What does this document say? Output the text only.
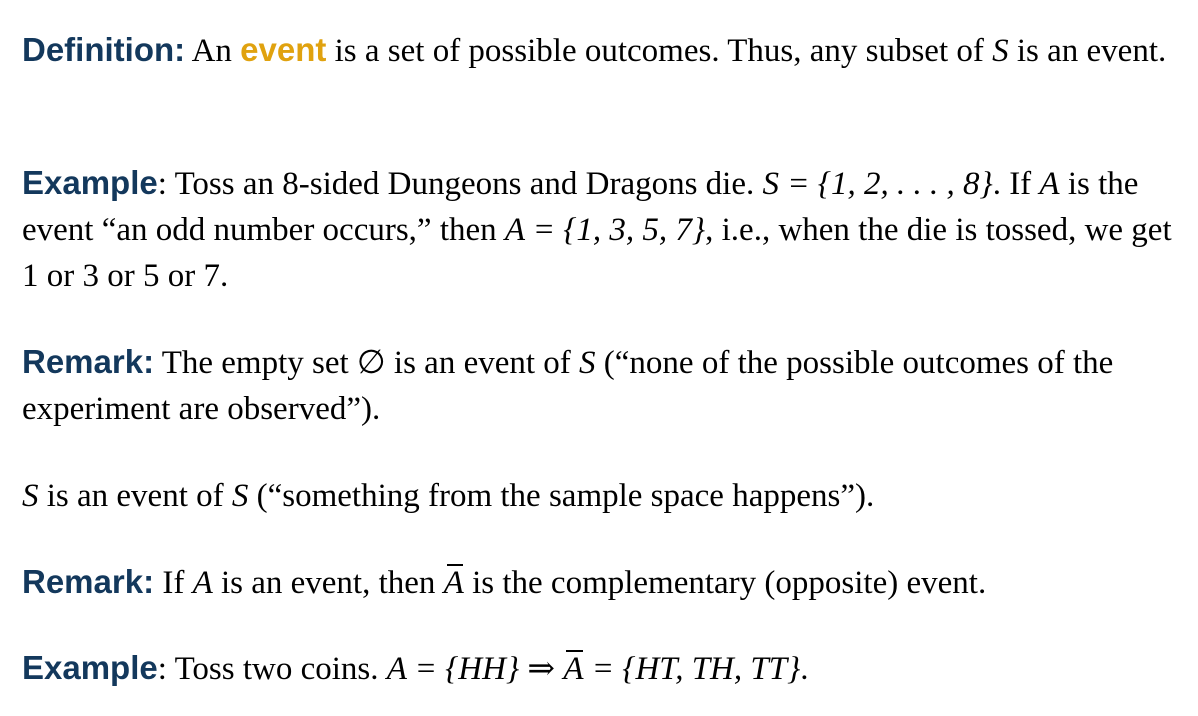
Definition: An event is a set of possible outcomes. Thus, any subset of S is an event.

Example: Toss an 8-sided Dungeons and Dragons die. S = {1, 2, . . . , 8}. If A is the event “an odd number occurs,” then A = {1, 3, 5, 7}, i.e., when the die is tossed, we get 1 or 3 or 5 or 7.

Remark: The empty set ∅ is an event of S (“none of the possible outcomes of the experiment are observed”).

S is an event of S (“something from the sample space happens”).

Remark: If A is an event, then A is the complementary (opposite) event.

Example: Toss two coins. A = {HH} ⇒ A = {HT, TH, TT}.
